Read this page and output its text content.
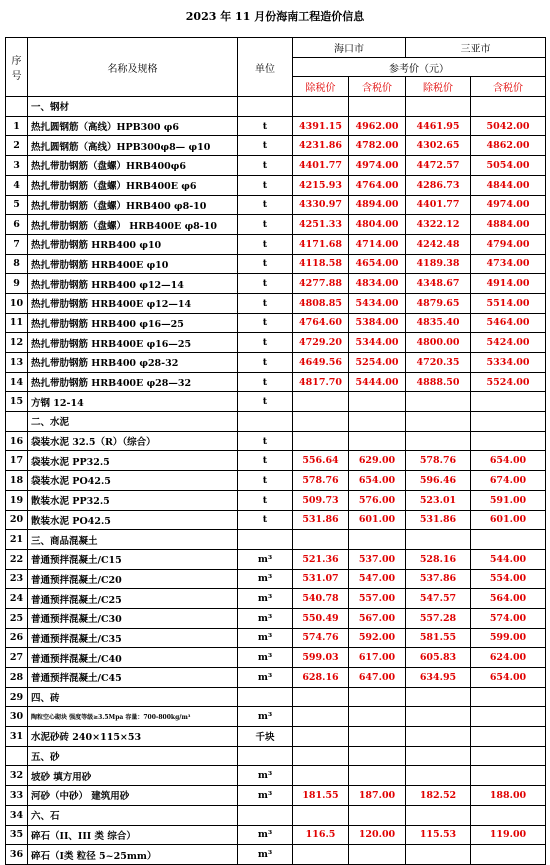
2023 年 11 月份海南工程造价信息
序号	名称及规格	单位	海口市		三亚市	
			参考价（元）			
			除税价	含税价	除税价	含税价
	一、钢材					
1	热扎圆钢筋（高线）HPB300 φ6	t	4391.15	4962.00	4461.95	5042.00
2	热扎圆钢筋（高线）HPB300φ8— φ10	t	4231.86	4782.00	4302.65	4862.00
3	热扎带肋钢筋（盘螺）HRB400φ6	t	4401.77	4974.00	4472.57	5054.00
4	热扎带肋钢筋（盘螺）HRB400E φ6	t	4215.93	4764.00	4286.73	4844.00
5	热扎带肋钢筋（盘螺）HRB400 φ8-10	t	4330.97	4894.00	4401.77	4974.00
6	热扎带肋钢筋（盘螺） HRB400E φ8-10	t	4251.33	4804.00	4322.12	4884.00
7	热扎带肋钢筋 HRB400 φ10	t	4171.68	4714.00	4242.48	4794.00
8	热扎带肋钢筋 HRB400E φ10	t	4118.58	4654.00	4189.38	4734.00
9	热扎带肋钢筋 HRB400 φ12—14	t	4277.88	4834.00	4348.67	4914.00
10	热扎带肋钢筋 HRB400E φ12—14	t	4808.85	5434.00	4879.65	5514.00
11	热扎带肋钢筋 HRB400 φ16—25	t	4764.60	5384.00	4835.40	5464.00
12	热扎带肋钢筋 HRB400E φ16—25	t	4729.20	5344.00	4800.00	5424.00
13	热扎带肋钢筋 HRB400 φ28-32	t	4649.56	5254.00	4720.35	5334.00
14	热扎带肋钢筋 HRB400E φ28—32	t	4817.70	5444.00	4888.50	5524.00
15	方钢 12-14	t				
	二、水泥					
16	袋装水泥 32.5（R）（综合）	t				
17	袋装水泥 PP32.5	t	556.64	629.00	578.76	654.00
18	袋装水泥 PO42.5	t	578.76	654.00	596.46	674.00
19	散装水泥 PP32.5	t	509.73	576.00	523.01	591.00
20	散装水泥 PO42.5	t	531.86	601.00	531.86	601.00
21	三、商品混凝土					
22	普通预拌混凝土/C15	m³	521.36	537.00	528.16	544.00
23	普通预拌混凝土/C20	m³	531.07	547.00	537.86	554.00
24	普通预拌混凝土/C25	m³	540.78	557.00	547.57	564.00
25	普通预拌混凝土/C30	m³	550.49	567.00	557.28	574.00
26	普通预拌混凝土/C35	m³	574.76	592.00	581.55	599.00
27	普通预拌混凝土/C40	m³	599.03	617.00	605.83	624.00
28	普通预拌混凝土/C45	m³	628.16	647.00	634.95	654.00
29	四、砖					
30	陶粒空心砌块 强度等级≥3.5Mpa 容量：700-800kg/m³	m³				
31	水泥砂砖 240×115×53	千块				
	五、砂					
32	坡砂 填方用砂	m³				
33	河砂（中砂） 建筑用砂	m³	181.55	187.00	182.52	188.00
34	六、石					
35	碎石（II、III 类 综合）	m³	116.5	120.00	115.53	119.00
36	碎石（I类 粒径 5~25mm）	m³				
